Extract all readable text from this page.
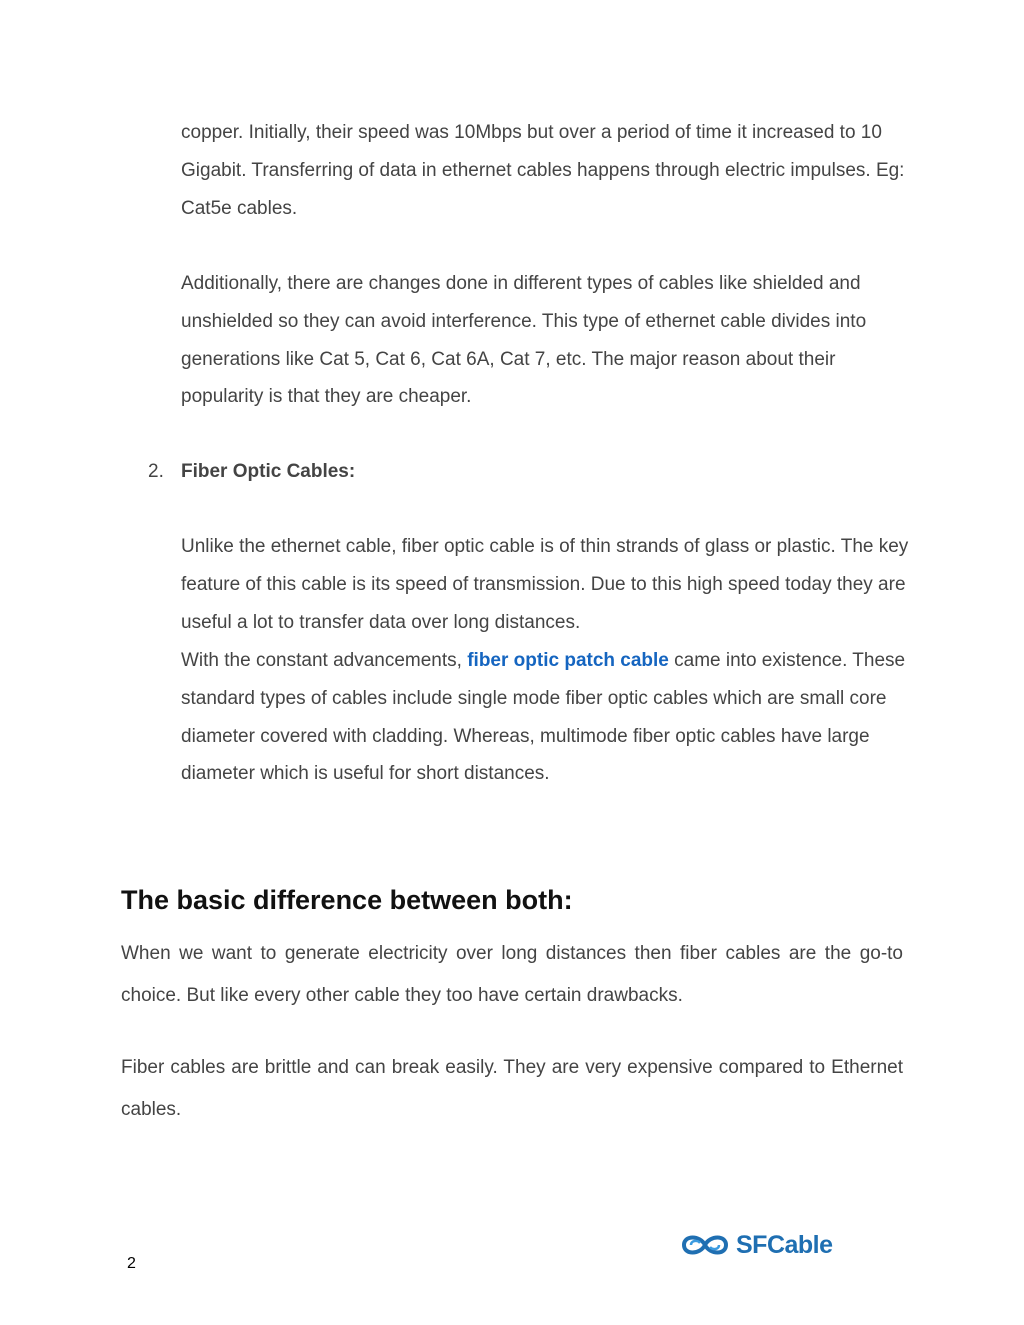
copper. Initially, their speed was 10Mbps but over a period of time it increased to 10 Gigabit. Transferring of data in ethernet cables happens through electric impulses. Eg: Cat5e cables.

Additionally, there are changes done in different types of cables like shielded and unshielded so they can avoid interference. This type of ethernet cable divides into generations like Cat 5, Cat 6, Cat 6A, Cat 7, etc. The major reason about their popularity is that they are cheaper.

2. Fiber Optic Cables:

Unlike the ethernet cable, fiber optic cable is of thin strands of glass or plastic. The key feature of this cable is its speed of transmission. Due to this high speed today they are useful a lot to transfer data over long distances.

With the constant advancements, fiber optic patch cable came into existence. These standard types of cables include single mode fiber optic cables which are small core diameter covered with cladding. Whereas, multimode fiber optic cables have large diameter which is useful for short distances.

The basic difference between both:

When we want to generate electricity over long distances then fiber cables are the go-to choice. But like every other cable they too have certain drawbacks.

Fiber cables are brittle and can break easily. They are very expensive compared to Ethernet cables.

2
SFCable
